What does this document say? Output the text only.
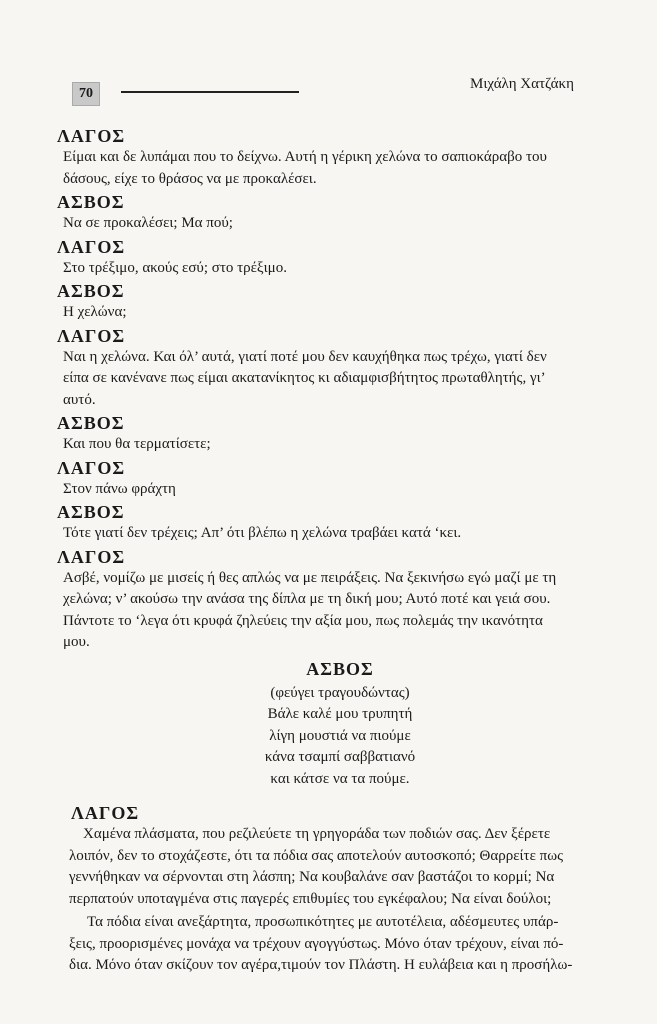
70
Μιχάλη Χατζάκη
ΛΑΓΟΣ
Είμαι και δε λυπάμαι που το δείχνω. Αυτή η γέρικη χελώνα το σαπιοκάραβο του
δάσους, είχε το θράσος να με προκαλέσει.
ΑΣΒΟΣ
Να σε προκαλέσει; Μα πού;
ΛΑΓΟΣ
Στο τρέξιμο, ακούς εσύ; στο τρέξιμο.
ΑΣΒΟΣ
Η χελώνα;
ΛΑΓΟΣ
Ναι η χελώνα. Και όλ’ αυτά, γιατί ποτέ μου δεν καυχήθηκα πως τρέχω, γιατί δεν
είπα σε κανένανε πως είμαι ακατανίκητος κι αδιαμφισβήτητος πρωταθλητής, γι’
αυτό.
ΑΣΒΟΣ
Και που θα τερματίσετε;
ΛΑΓΟΣ
Στον πάνω φράχτη
ΑΣΒΟΣ
Τότε γιατί δεν τρέχεις; Απ’ ότι βλέπω η χελώνα τραβάει κατά ‘κει.
ΛΑΓΟΣ
Ασβέ, νομίζω με μισείς ή θες απλώς να με πειράξεις. Να ξεκινήσω εγώ μαζί με τη
χελώνα; ν’ ακούσω την ανάσα της δίπλα με τη δική μου; Αυτό ποτέ και γειά σου.
Πάντοτε το ‘λεγα ότι κρυφά ζηλεύεις την αξία μου, πως πολεμάς την ικανότητα
μου.
ΑΣΒΟΣ
(φεύγει τραγουδώντας)
Βάλε καλέ μου τρυπητή
λίγη μουστιά να πιούμε
κάνα τσαμπί σαββατιανό
και κάτσε να τα πούμε.
ΛΑΓΟΣ
Χαμένα πλάσματα, που ρεζιλεύετε τη γρηγοράδα των ποδιών σας. Δεν ξέρετε
λοιπόν, δεν το στοχάζεστε, ότι τα πόδια σας αποτελούν αυτοσκοπό; Θαρρείτε πως
γεννήθηκαν να σέρνονται στη λάσπη; Να κουβαλάνε σαν βαστάζοι το κορμί; Να
περπατούν υποταγμένα στις παγερές επιθυμίες του εγκέφαλου; Να είναι δούλοι;
Τα πόδια είναι ανεξάρτητα, προσωπικότητες με αυτοτέλεια, αδέσμευτες υπάρ-
ξεις, προορισμένες μονάχα να τρέχουν αγογγύστως. Μόνο όταν τρέχουν, είναι πό-
δια. Μόνο όταν σκίζουν τον αγέρα,τιμούν τον Πλάστη. Η ευλάβεια και η προσήλω-
